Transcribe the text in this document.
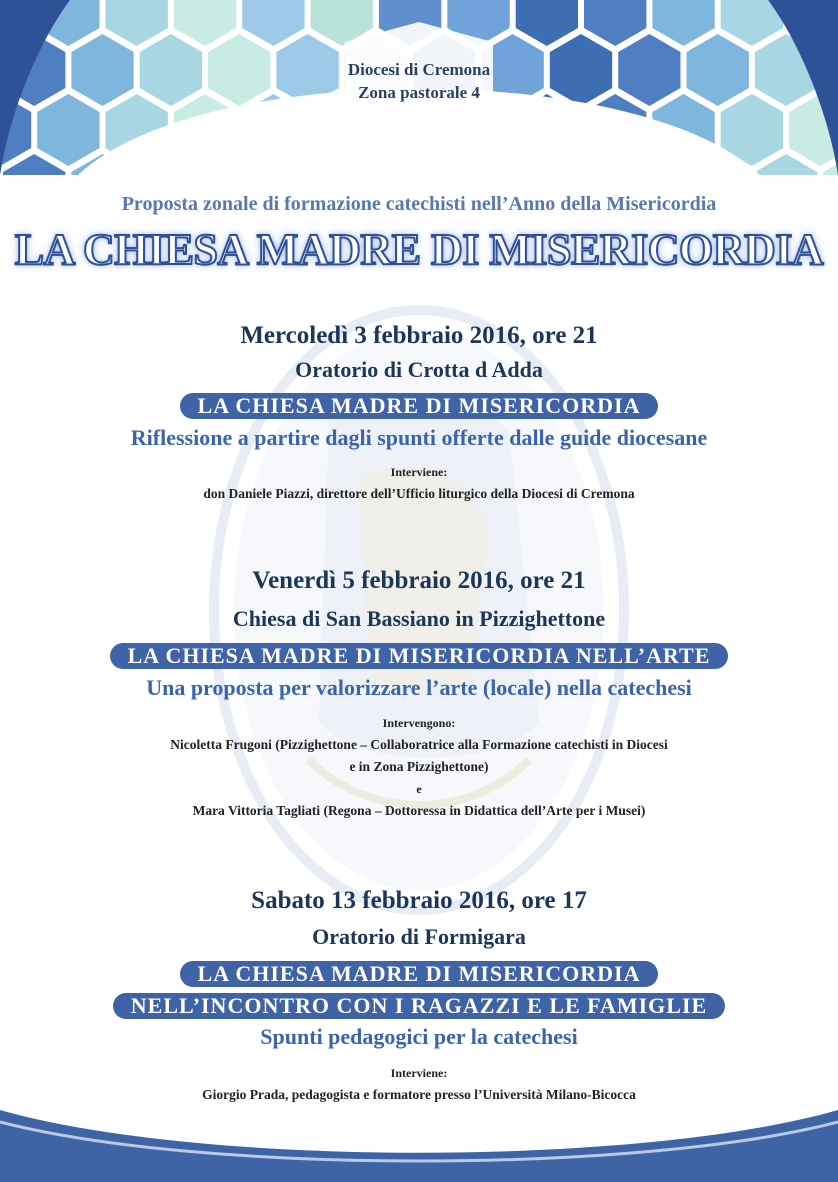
Diocesi di Cremona
Zona pastorale 4
Proposta zonale di formazione catechisti nell’Anno della Misericordia
LA CHIESA MADRE DI MISERICORDIA
Mercoledì 3 febbraio 2016, ore 21
Oratorio di Crotta d Adda
LA CHIESA MADRE DI MISERICORDIA
Riflessione a partire dagli spunti offerte dalle guide diocesane
Interviene:
don Daniele Piazzi, direttore dell’Ufficio liturgico della Diocesi di Cremona
Venerdì 5 febbraio 2016, ore 21
Chiesa di San Bassiano in Pizzighettone
LA CHIESA MADRE DI MISERICORDIA NELL’ARTE
Una proposta per valorizzare l’arte (locale) nella catechesi
Intervengono:
Nicoletta Frugoni (Pizzighettone – Collaboratrice alla Formazione catechisti in Diocesi
e in Zona Pizzighettone)
e
Mara Vittoria Tagliati (Regona – Dottoressa in Didattica dell’Arte per i Musei)
Sabato 13 febbraio 2016, ore 17
Oratorio di Formigara
LA CHIESA MADRE DI MISERICORDIA
NELL’INCONTRO CON I RAGAZZI E LE FAMIGLIE
Spunti pedagogici per la catechesi
Interviene:
Giorgio Prada, pedagogista e formatore presso l’Università Milano-Bicocca
